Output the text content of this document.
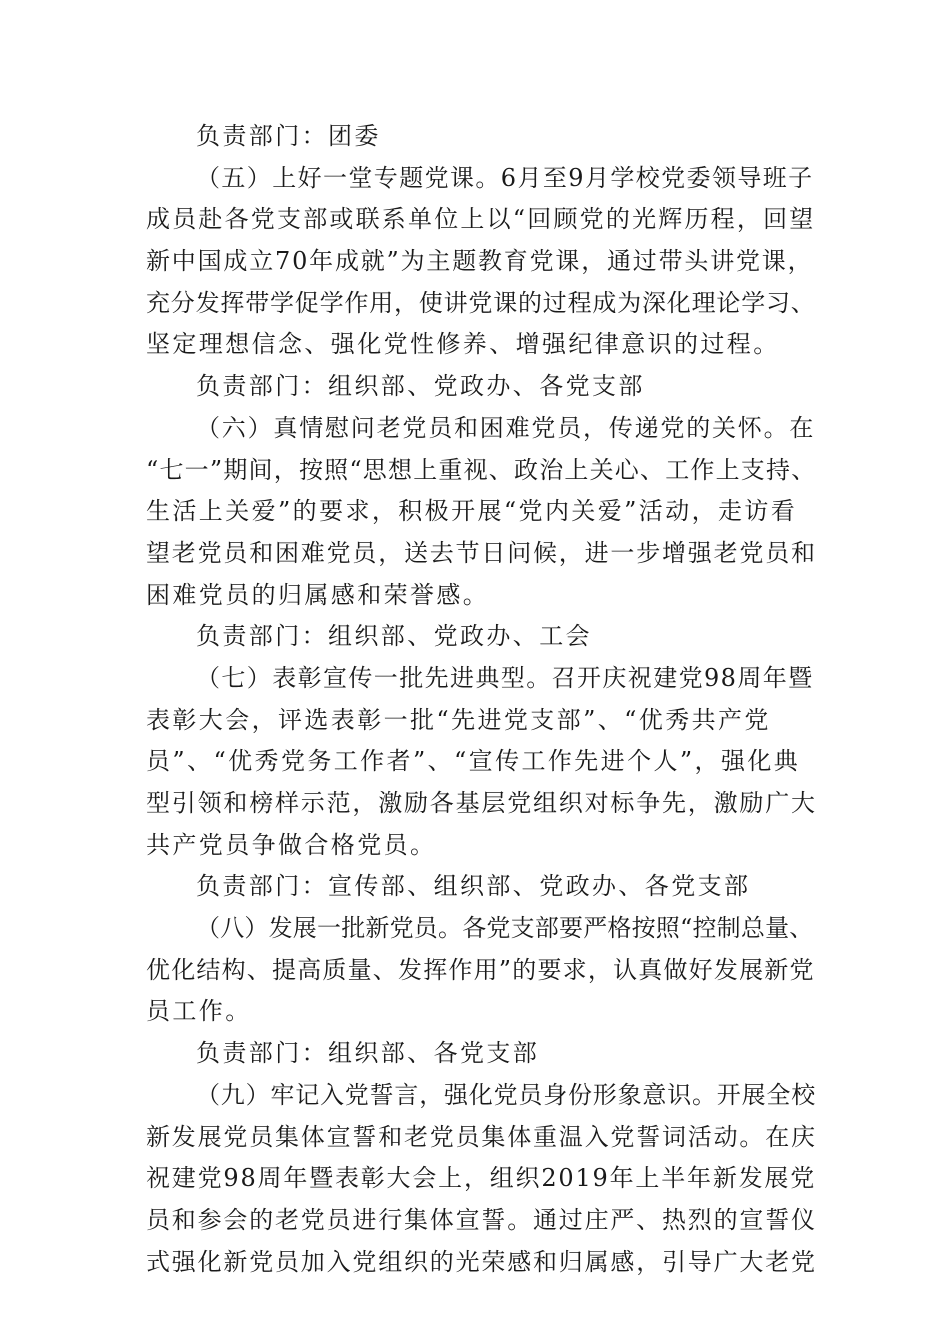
负责部门：团委
（五）上好一堂专题党课。6月至9月学校党委领导班子
成员赴各党支部或联系单位上以“回顾党的光辉历程，回望
新中国成立70年成就”为主题教育党课，通过带头讲党课，
充分发挥带学促学作用，使讲党课的过程成为深化理论学习、
坚定理想信念、强化党性修养、增强纪律意识的过程。
负责部门：组织部、党政办、各党支部
（六）真情慰问老党员和困难党员，传递党的关怀。在
“七一”期间，按照“思想上重视、政治上关心、工作上支持、
生活上关爱”的要求，积极开展“党内关爱”活动，走访看
望老党员和困难党员，送去节日问候，进一步增强老党员和
困难党员的归属感和荣誉感。
负责部门：组织部、党政办、工会
（七）表彰宣传一批先进典型。召开庆祝建党98周年暨
表彰大会，评选表彰一批“先进党支部”、“优秀共产党
员”、“优秀党务工作者”、“宣传工作先进个人”，强化典
型引领和榜样示范，激励各基层党组织对标争先，激励广大
共产党员争做合格党员。
负责部门：宣传部、组织部、党政办、各党支部
（八）发展一批新党员。各党支部要严格按照“控制总量、
优化结构、提高质量、发挥作用”的要求，认真做好发展新党
员工作。
负责部门：组织部、各党支部
（九）牢记入党誓言，强化党员身份形象意识。开展全校
新发展党员集体宣誓和老党员集体重温入党誓词活动。在庆
祝建党98周年暨表彰大会上，组织2019年上半年新发展党
员和参会的老党员进行集体宣誓。通过庄严、热烈的宣誓仪
式强化新党员加入党组织的光荣感和归属感，引导广大老党
